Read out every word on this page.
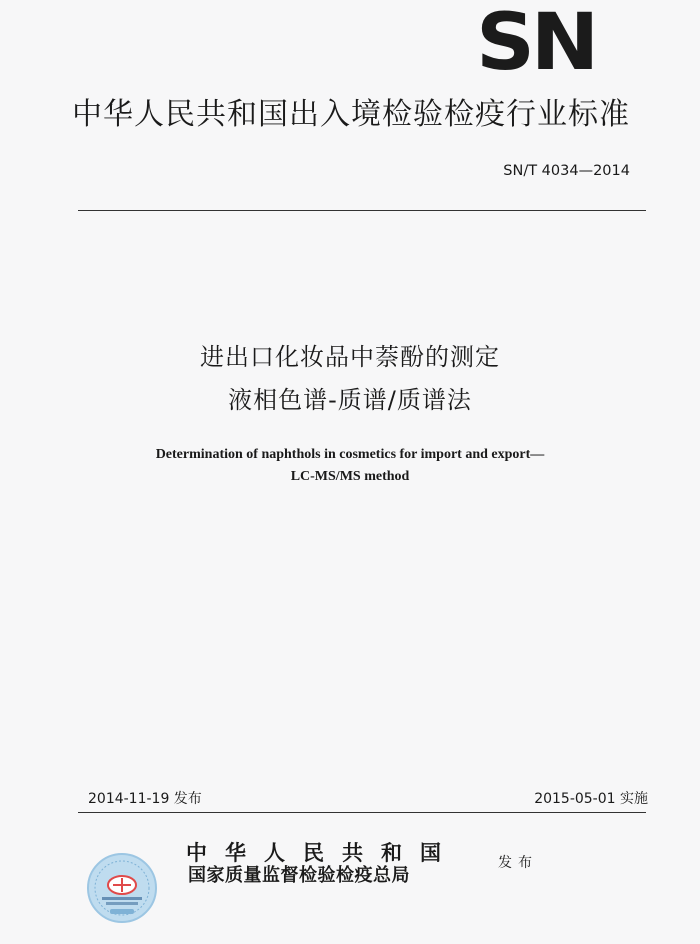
SN
中华人民共和国出入境检验检疫行业标准
SN/T 4034—2014
进出口化妆品中萘酚的测定
液相色谱-质谱/质谱法
Determination of naphthols in cosmetics for import and export—
LC-MS/MS method
2014-11-19 发布	2015-05-01 实施
中华人民共和国
国家质量监督检验检疫总局
发布
